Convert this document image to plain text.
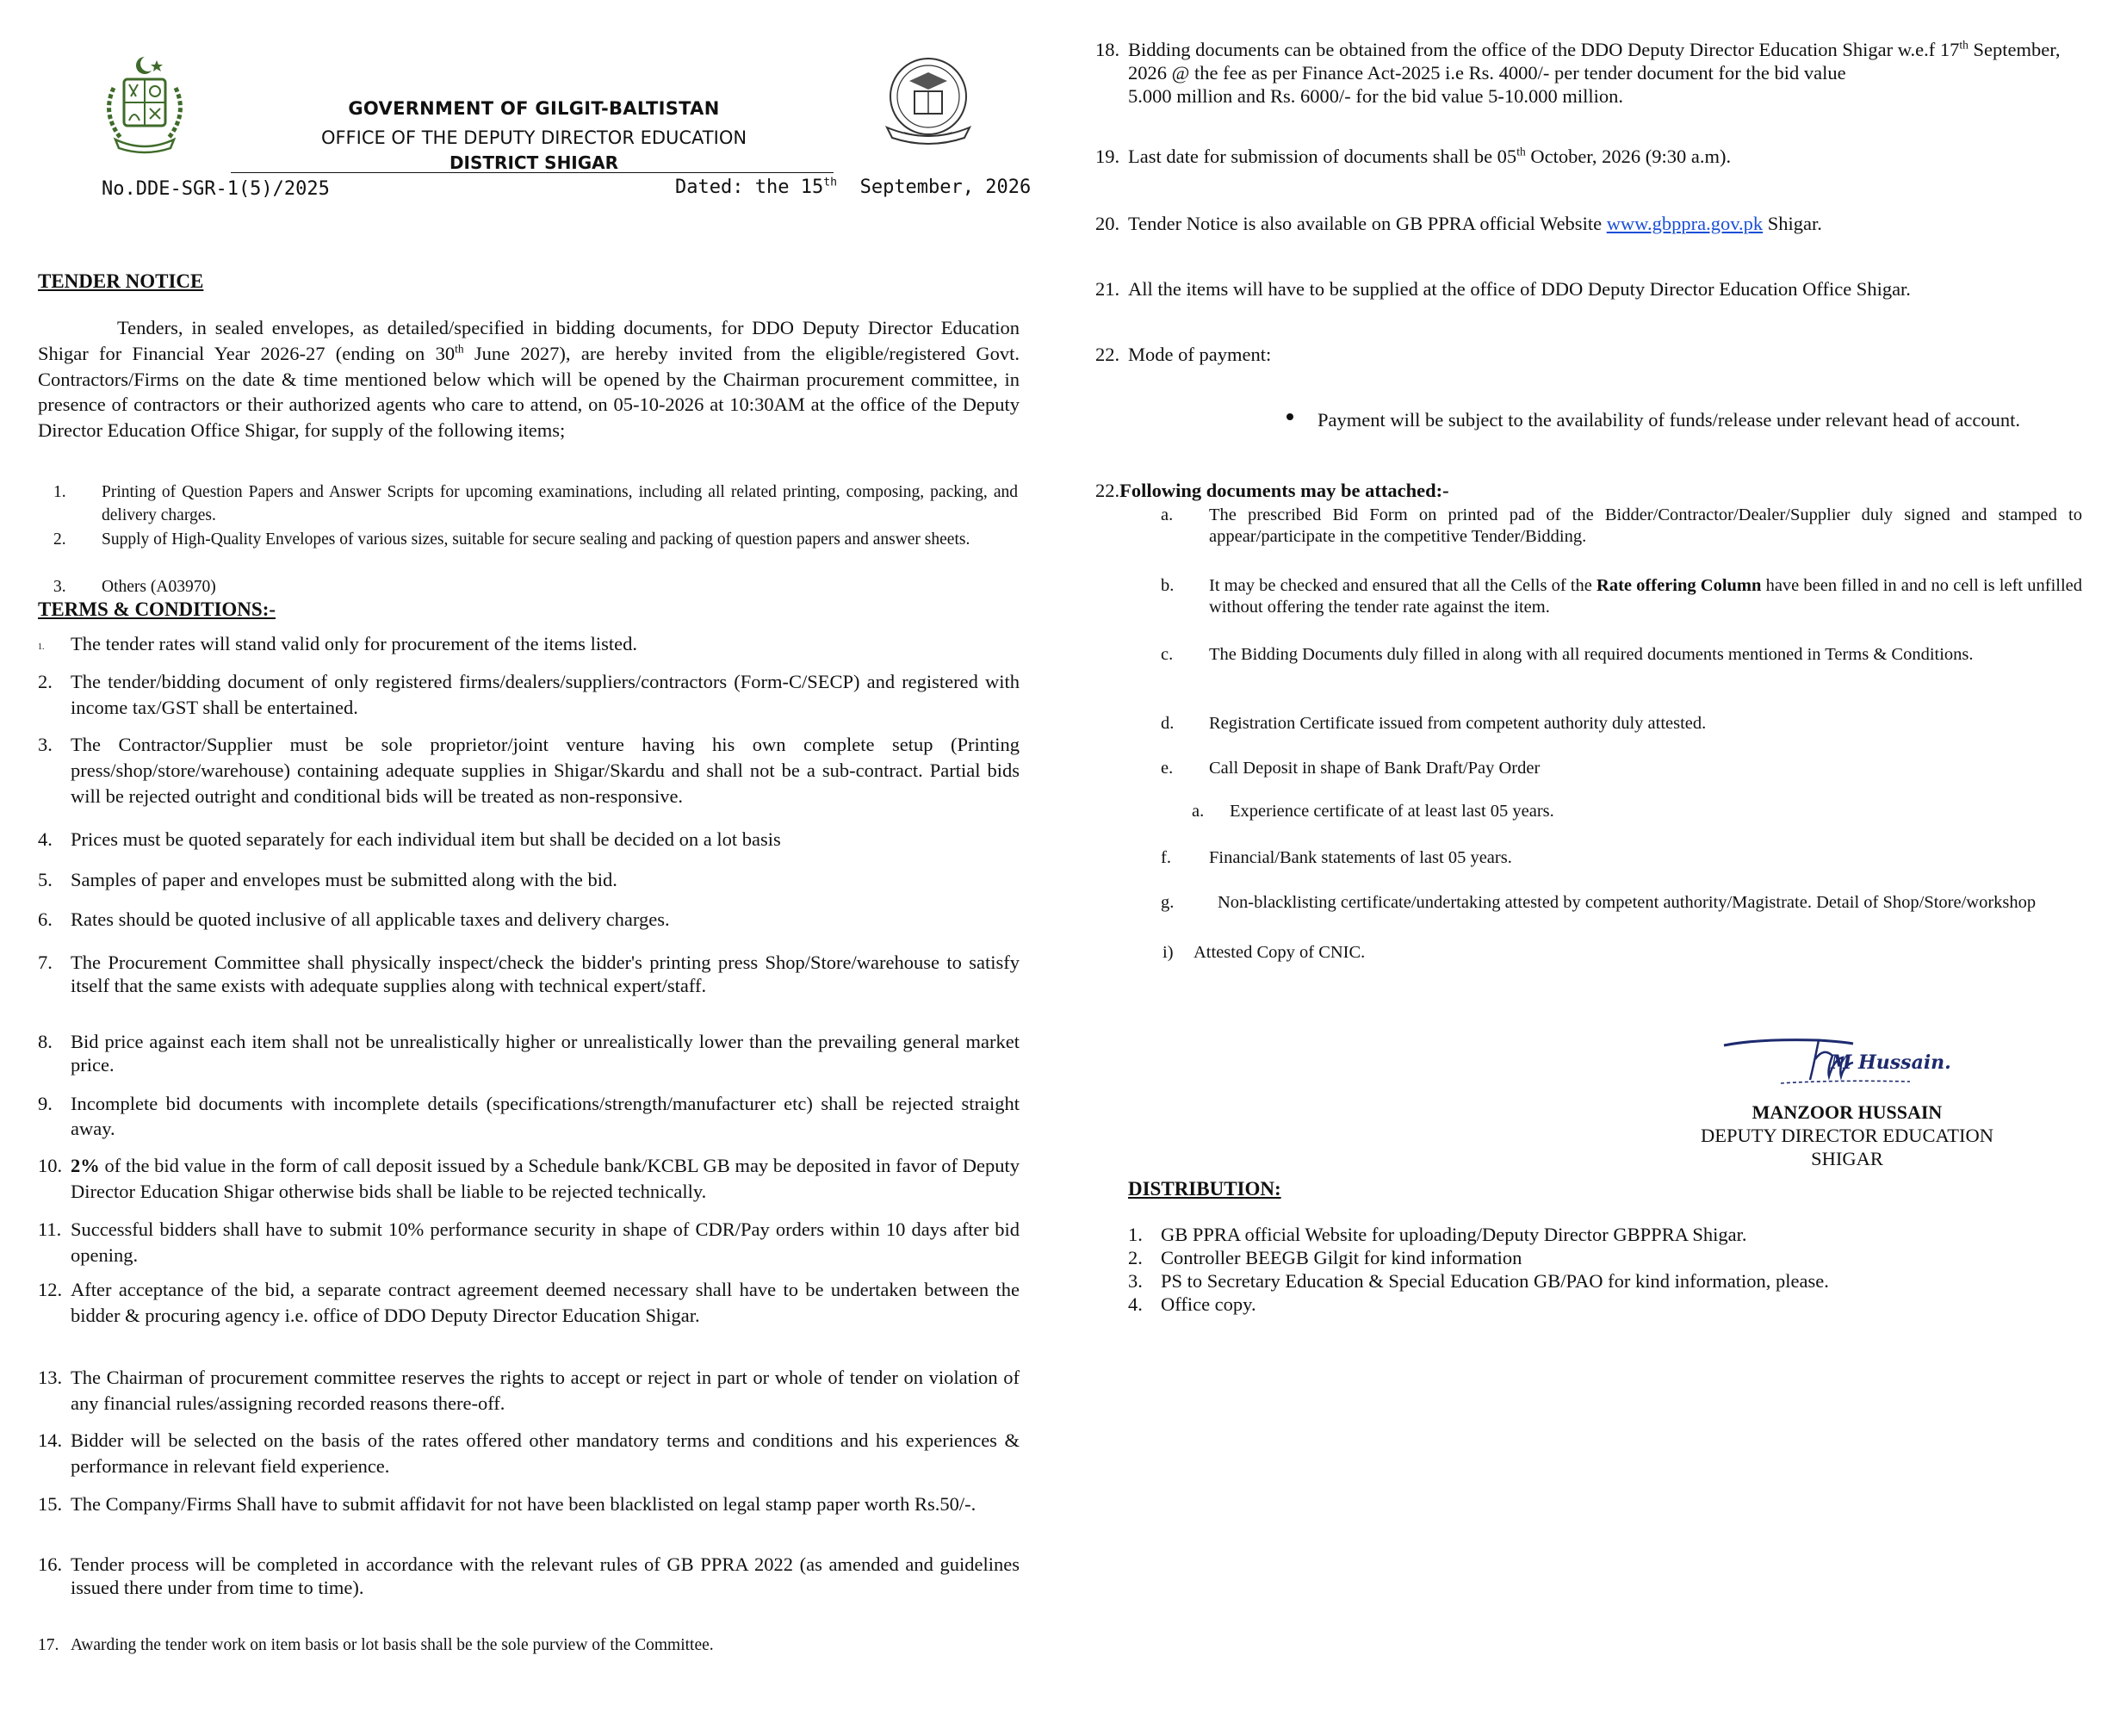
GOVERNMENT OF GILGIT-BALTISTAN
OFFICE OF THE DEPUTY DIRECTOR EDUCATION
DISTRICT SHIGAR
No.DDE-SGR-1(5)/2025	Dated: the 15th September, 2026
TENDER NOTICE
Tenders, in sealed envelopes, as detailed/specified in bidding documents, for DDO Deputy Director Education Shigar for Financial Year 2026-27 (ending on 30th June 2027), are hereby invited from the eligible/registered Govt. Contractors/Firms on the date & time mentioned below which will be opened by the Chairman procurement committee, in presence of contractors or their authorized agents who care to attend, on 05-10-2026 at 10:30AM at the office of the Deputy Director Education Office Shigar, for supply of the following items;
1.	Printing of Question Papers and Answer Scripts for upcoming examinations, including all related printing, composing, packing, and delivery charges.
2.	Supply of High-Quality Envelopes of various sizes, suitable for secure sealing and packing of question papers and answer sheets.
3.	Others (A03970)
TERMS & CONDITIONS:-
1.	The tender rates will stand valid only for procurement of the items listed.
2. The tender/bidding document of only registered firms/dealers/suppliers/contractors (Form-C/SECP) and registered with income tax/GST shall be entertained.
3. The Contractor/Supplier must be sole proprietor/joint venture having his own complete setup (Printing press/shop/store/warehouse) containing adequate supplies in Shigar/Skardu and shall not be a sub-contract. Partial bids will be rejected outright and conditional bids will be treated as non-responsive.
4. Prices must be quoted separately for each individual item but shall be decided on a lot basis
5. Samples of paper and envelopes must be submitted along with the bid.
6. Rates should be quoted inclusive of all applicable taxes and delivery charges.
7. The Procurement Committee shall physically inspect/check the bidder's printing press Shop/Store/warehouse to satisfy itself that the same exists with adequate supplies along with technical expert/staff.
8. Bid price against each item shall not be unrealistically higher or unrealistically lower than the prevailing general market price.
9. Incomplete bid documents with incomplete details (specifications/strength/manufacturer etc) shall be rejected straight away.
10. 2% of the bid value in the form of call deposit issued by a Schedule bank/KCBL GB may be deposited in favor of Deputy Director Education Shigar otherwise bids shall be liable to be rejected technically.
11. Successful bidders shall have to submit 10% performance security in shape of CDR/Pay orders within 10 days after bid opening.
12. After acceptance of the bid, a separate contract agreement deemed necessary shall have to be undertaken between the bidder & procuring agency i.e. office of DDO Deputy Director Education Shigar.
13. The Chairman of procurement committee reserves the rights to accept or reject in part or whole of tender on violation of any financial rules/assigning recorded reasons there-off.
14. Bidder will be selected on the basis of the rates offered other mandatory terms and conditions and his experiences & performance in relevant field experience.
15. The Company/Firms Shall have to submit affidavit for not have been blacklisted on legal stamp paper worth Rs.50/-.
16. Tender process will be completed in accordance with the relevant rules of GB PPRA 2022 (as amended and guidelines issued there under from time to time).
17. Awarding the tender work on item basis or lot basis shall be the sole purview of the Committee.
18. Bidding documents can be obtained from the office of the DDO Deputy Director Education Shigar w.e.f 17th September, 2026 @ the fee as per Finance Act-2025 i.e Rs. 4000/- per tender document for the bid value
5.000 million and Rs. 6000/- for the bid value 5-10.000 million.
19. Last date for submission of documents shall be 05th October, 2026 (9:30 a.m).
20. Tender Notice is also available on GB PPRA official Website www.gbppra.gov.pk Shigar.
21. All the items will have to be supplied at the office of DDO Deputy Director Education Office Shigar.
22. Mode of payment:
Payment will be subject to the availability of funds/release under relevant head of account.
22.Following documents may be attached:-
a.	The prescribed Bid Form on printed pad of the Bidder/Contractor/Dealer/Supplier duly signed and stamped to appear/participate in the competitive Tender/Bidding.
b.	It may be checked and ensured that all the Cells of the Rate offering Column have been filled in and no cell is left unfilled without offering the tender rate against the item.
c.	The Bidding Documents duly filled in along with all required documents mentioned in Terms & Conditions.
d.	Registration Certificate issued from competent authority duly attested.
e.	Call Deposit in shape of Bank Draft/Pay Order
a.	Experience certificate of at least last 05 years.
f.	Financial/Bank statements of last 05 years.
g.	Non-blacklisting certificate/undertaking attested by competent authority/Magistrate. Detail of Shop/Store/workshop
i)	Attested Copy of CNIC.
M Hussain.
MANZOOR HUSSAIN
DEPUTY DIRECTOR EDUCATION
SHIGAR
DISTRIBUTION:
1. GB PPRA official Website for uploading/Deputy Director GBPPRA Shigar.
2. Controller BEEGB Gilgit for kind information
3. PS to Secretary Education & Special Education GB/PAO for kind information, please.
4. Office copy.
